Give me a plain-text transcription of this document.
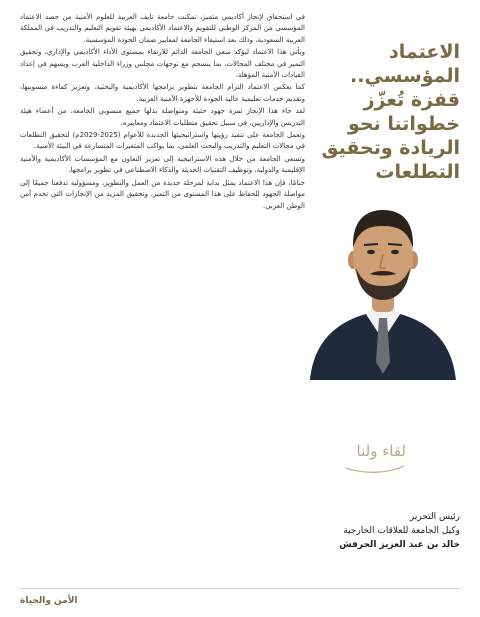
في استحقاق لإنجاز أكاديمي متميز، تمكنت جامعة نايف العربية للعلوم الأمنية من حصد الاعتماد المؤسسي من المركز الوطني للتقويم والاعتماد الأكاديمي بهيئة تقويم التعليم والتدريب في المملكة العربية السعودية، وذلك بعد استيفاء الجامعة لمعايير ضمان الجودة المؤسسية.

ويأتي هذا الاعتماد ليؤكد سعي الجامعة الدائم للارتقاء بمستوى الأداء الأكاديمي والإداري، وتحقيق التميز في مختلف المجالات، بما ينسجم مع توجهات مجلس وزراء الداخلية العرب ويسهم في إعداد القيادات الأمنية المؤهلة.

كما يعكس الاعتماد التزام الجامعة بتطوير برامجها الأكاديمية والبحثية، وتعزيز كفاءة منسوبيها، وتقديم خدمات تعليمية عالية الجودة للأجهزة الأمنية العربية.

لقد جاء هذا الإنجاز ثمرة جهود حثيثة ومتواصلة بذلها جميع منسوبي الجامعة، من أعضاء هيئة التدريس والإداريين، في سبيل تحقيق متطلبات الاعتماد ومعاييره.

وتعمل الجامعة على تنفيذ رؤيتها واستراتيجيتها الجديدة للأعوام (2025-2029م) لتحقيق التطلعات في مجالات التعليم والتدريب والبحث العلمي، بما يواكب المتغيرات المتسارعة في البيئة الأمنية.

وتسعى الجامعة من خلال هذه الاستراتيجية إلى تعزيز التعاون مع المؤسسات الأكاديمية والأمنية الإقليمية والدولية، وتوظيف التقنيات الحديثة والذكاء الاصطناعي في تطوير برامجها.

ختامًا، فإن هذا الاعتماد يمثل بداية لمرحلة جديدة من العمل والتطوير، ومسؤولية تدفعنا جميعًا إلى مواصلة الجهود للحفاظ على هذا المستوى من التميز، وتحقيق المزيد من الإنجازات التي تخدم أمن الوطن العربي.

الاعتماد
المؤسسي..
قفزة تُعزّز
خطواتنا نحو
الريادة وتحقيق
التطلعات
لقاء ولنا
رئيس التحرير
وكيل الجامعة للعلاقات الخارجية
خالد بن عبد العزيز الحرفش
الأمن والحياة
